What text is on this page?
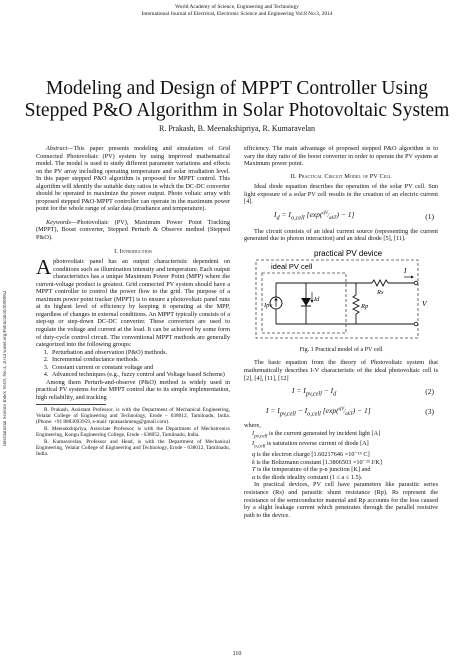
World Academy of Science, Engineering and Technology
International Journal of Electrical, Electronic Science and Engineering Vol:8 No:3, 2014
Modeling and Design of MPPT Controller Using
Stepped P&O Algorithm in Solar Photovoltaic System
R. Prakash, B. Meenakshipriya, R. Kumaravelan
International Science Index Vol:8, No:3, 2014 waset.org/Publication/9998062

Abstract—This paper presents modeling and simulation of Grid Connected Photovoltaic (PV) system by using improved mathematical model. The model is used to study different parameter variations and effects on the PV array including operating temperature and solar irradiation level. In this paper stepped P&O algorithm is proposed for MPPT control. This algorithm will identify the suitable duty ratios in which the DC-DC converter should be operated to maximize the power output. Photo voltaic array with proposed stepped P&O-MPPT controller can operate in the maximum power point for the whole range of solar data (irradiance and temperature).

Keywords—Photovoltaic (PV), Maximum Power Point Tracking (MPPT), Boost converter, Stepped Perturb & Observe method (Stepped P&O).

I. Introduction

Aphotovoltaic panel has an output characteristic dependent on conditions such as illumination intensity and temperature. Each output characteristics has a unique Maximum Power Point (MPP) where the current-voltage product is greatest. Grid connected PV system should have a MPPT controller to control the power flow to the grid. The purpose of a maximum power point tracker (MPPT) is to ensure a photovoltaic panel runs at its highest level of efficiency by keeping it operating at the MPP, regardless of changes in external conditions. An MPPT typically consists of a step-up or step-down DC-DC converter. These converters are used to regulate the voltage and current at the load. It can be achieved by some form of duty-cycle control circuit. The conventional MPPT methods are generally categorized into the following groups:

1. Perturbation and observation (P&O) methods.
2. Incremental conductance methods.
3. Constant current or constant voltage and
4. Advanced techniques (e.g., fuzzy control and Voltage based Scheme)

Among them Perturb-and-observe (P&O) method is widely used in practical PV systems for the MPPT control due to its simple implementation, high reliability, and tracking

R. Prakash, Assistant Professor, is with the Department of Mechanical Engineering, Velalar College of Engineering and Technology, Erode – 638012, Tamilnadu, India. (Phone: +91 8883093959, e-mail: rprakashmeng@gmail.com).

B. Meenakshipriya, Associate Professor, is with the Department of Mechatronics Engineering, Kongu Engineering College, Erode - 638052, Tamilnadu, India.

R. Kumaravelan, Professor and Head, is with the Department of Mechanical Engineering, Velalar College of Engineering and Technology, Erode - 638012, Tamilnadu, India.

efficiency. The main advantage of proposed stepped P&O algorithm is to vary the duty ratio of the boost converter in order to operate the PV system at Maximum power point.

II. Practical Circuit Model of PV Cell

Ideal diode equation describes the operation of the solar PV cell. Sun light exposure of a solar PV cell results in the creation of an electric current [4].

$I_d = I_{o,cell}$ $[\exp(^{qV}⁄_{akT}) - 1]$	(1)

The circuit consists of an ideal current source (representing the current generated due to photon interaction) and an ideal diode [5], [11].

practical PV device
ideal PV cell
Ipv
Id
Rp
Rs
I
V
Fig. 1 Practical model of a PV cell

The basic equation from the theory of Photovoltaic system that mathematically describes I-V characteristic of the ideal photovoltaic cell is [2], [4], [11], [12]

$I = I_{pv,cell} - I_d$	(2)
$I = I_{pv,cell} - I_{o,cell}$ $[\exp(^{qV}⁄_{akT}) - 1]$	(3)

where,

$I_{pv,cell}$ is the current generated by incident light [A]
$I_{o,cell}$ is saturation reverse current of diode [A]
q is the electron charge [1.60217646 ×10⁻¹⁹ C]
k is the Boltzmann constant [1.3806503 ×10⁻²³ J/K]
T is the temperature of the p-n junction [K] and
a is the diode ideality constant (1 ≤ a ≤ 1.5).

In practical devices, PV cell have parameters like parasitic series resistance (Rs) and parasitic shunt resistance (Rp). Rs represent the resistance of the semiconductor material and Rp accounts for the loss caused by a slight leakage current which penetrates through the parallel resistive path to the device.

110
